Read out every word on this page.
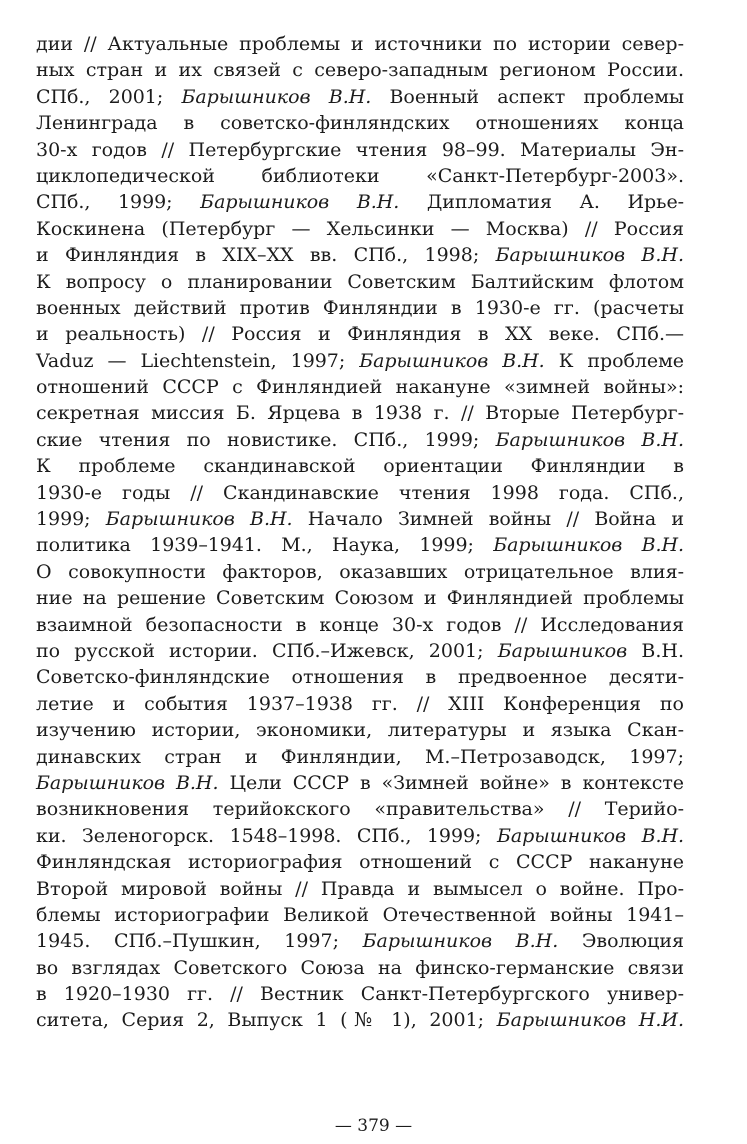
дии // Актуальные проблемы и источники по истории север-
ных стран и их связей с северо-западным регионом России.
СПб., 2001; Барышников В.Н. Военный аспект проблемы
Ленинграда в советско-финляндских отношениях конца
30-х годов // Петербургские чтения 98–99. Материалы Эн-
циклопедической библиотеки «Санкт-Петербург-2003».
СПб., 1999; Барышников В.Н. Дипломатия А. Ирье-
Коскинена (Петербург — Хельсинки — Москва) // Россия
и Финляндия в XIX–XX вв. СПб., 1998; Барышников В.Н.
К вопросу о планировании Советским Балтийским флотом
военных действий против Финляндии в 1930-е гг. (расчеты
и реальность) // Россия и Финляндия в XX веке. СПб.—
Vaduz — Liechtenstein, 1997; Барышников В.Н. К проблеме
отношений СССР с Финляндией накануне «зимней войны»:
секретная миссия Б. Ярцева в 1938 г. // Вторые Петербург-
ские чтения по новистике. СПб., 1999; Барышников В.Н.
К проблеме скандинавской ориентации Финляндии в
1930-е годы // Скандинавские чтения 1998 года. СПб.,
1999; Барышников В.Н. Начало Зимней войны // Война и
политика 1939–1941. М., Наука, 1999; Барышников В.Н.
О совокупности факторов, оказавших отрицательное влия-
ние на решение Советским Союзом и Финляндией проблемы
взаимной безопасности в конце 30-х годов // Исследования
по русской истории. СПб.–Ижевск, 2001; Барышников В.Н.
Советско-финляндские отношения в предвоенное десяти-
летие и события 1937–1938 гг. // XIII Конференция по
изучению истории, экономики, литературы и языка Скан-
динавских стран и Финляндии, М.–Петрозаводск, 1997;
Барышников В.Н. Цели СССР в «Зимней войне» в контексте
возникновения терийокского «правительства» // Терийо-
ки. Зеленогорск. 1548–1998. СПб., 1999; Барышников В.Н.
Финляндская историография отношений с СССР накануне
Второй мировой войны // Правда и вымысел о войне. Про-
блемы историографии Великой Отечественной войны 1941–
1945. СПб.–Пушкин, 1997; Барышников В.Н. Эволюция
во взглядах Советского Союза на финско-германские связи
в 1920–1930 гг. // Вестник Санкт-Петербургского универ-
ситета, Серия 2, Выпуск 1 (№ 1), 2001; Барышников Н.И.
— 379 —
